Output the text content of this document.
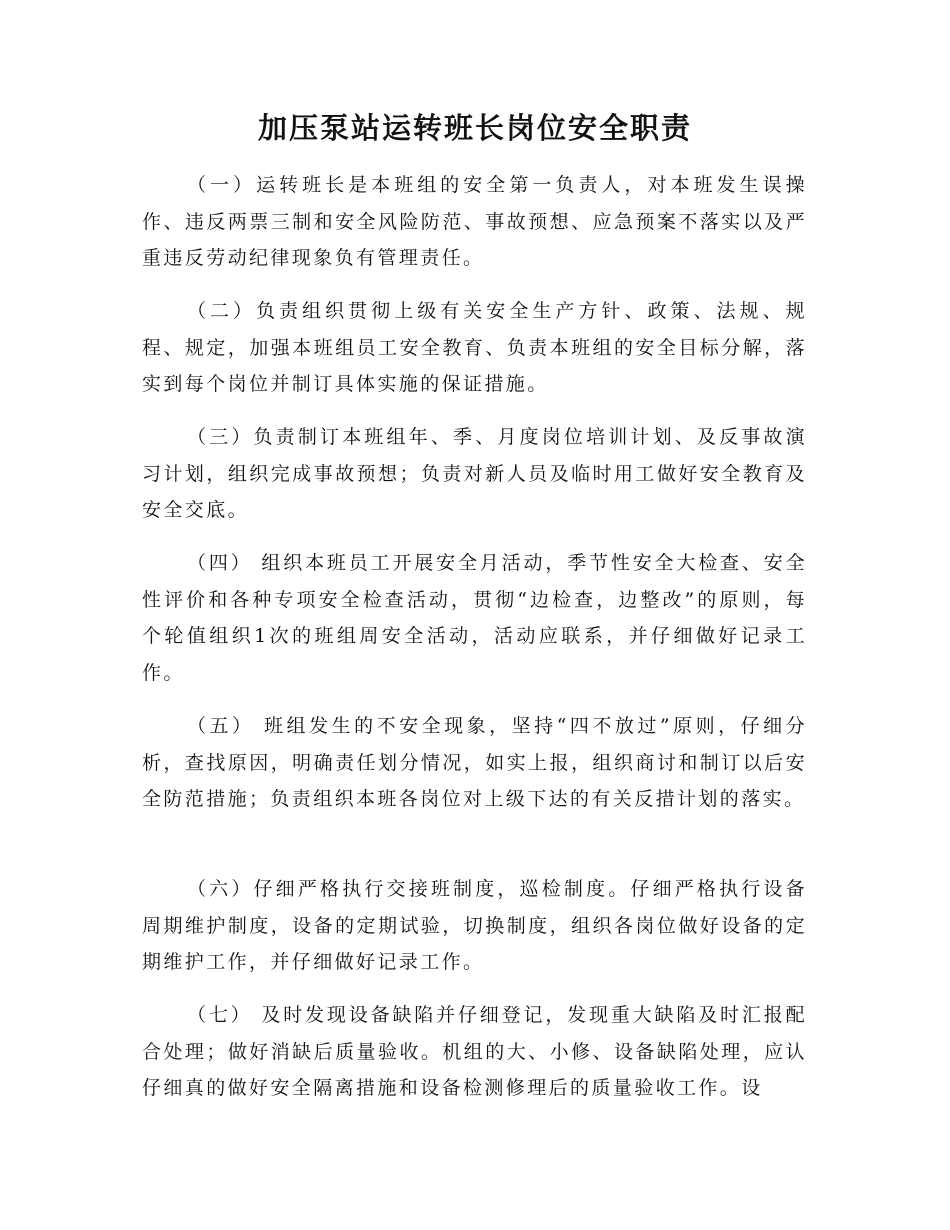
加压泵站运转班长岗位安全职责

（一）运转班长是本班组的安全第一负责人，对本班发生误操作、违反两票三制和安全风险防范、事故预想、应急预案不落实以及严重违反劳动纪律现象负有管理责任。

（二）负责组织贯彻上级有关安全生产方针、政策、法规、规程、规定，加强本班组员工安全教育、负责本班组的安全目标分解，落实到每个岗位并制订具体实施的保证措施。

（三）负责制订本班组年、季、月度岗位培训计划、及反事故演习计划，组织完成事故预想；负责对新人员及临时用工做好安全教育及安全交底。

（四） 组织本班员工开展安全月活动，季节性安全大检查、安全性评价和各种专项安全检查活动，贯彻“边检查，边整改”的原则，每个轮值组织1次的班组周安全活动，活动应联系，并仔细做好记录工作。

（五） 班组发生的不安全现象，坚持“四不放过”原则，仔细分析，查找原因，明确责任划分情况，如实上报，组织商讨和制订以后安全防范措施；负责组织本班各岗位对上级下达的有关反措计划的落实。

（六）仔细严格执行交接班制度，巡检制度。仔细严格执行设备周期维护制度，设备的定期试验，切换制度，组织各岗位做好设备的定期维护工作，并仔细做好记录工作。

（七） 及时发现设备缺陷并仔细登记，发现重大缺陷及时汇报配合处理；做好消缺后质量验收。机组的大、小修、设备缺陷处理，应认仔细真的做好安全隔离措施和设备检测修理后的质量验收工作。设
